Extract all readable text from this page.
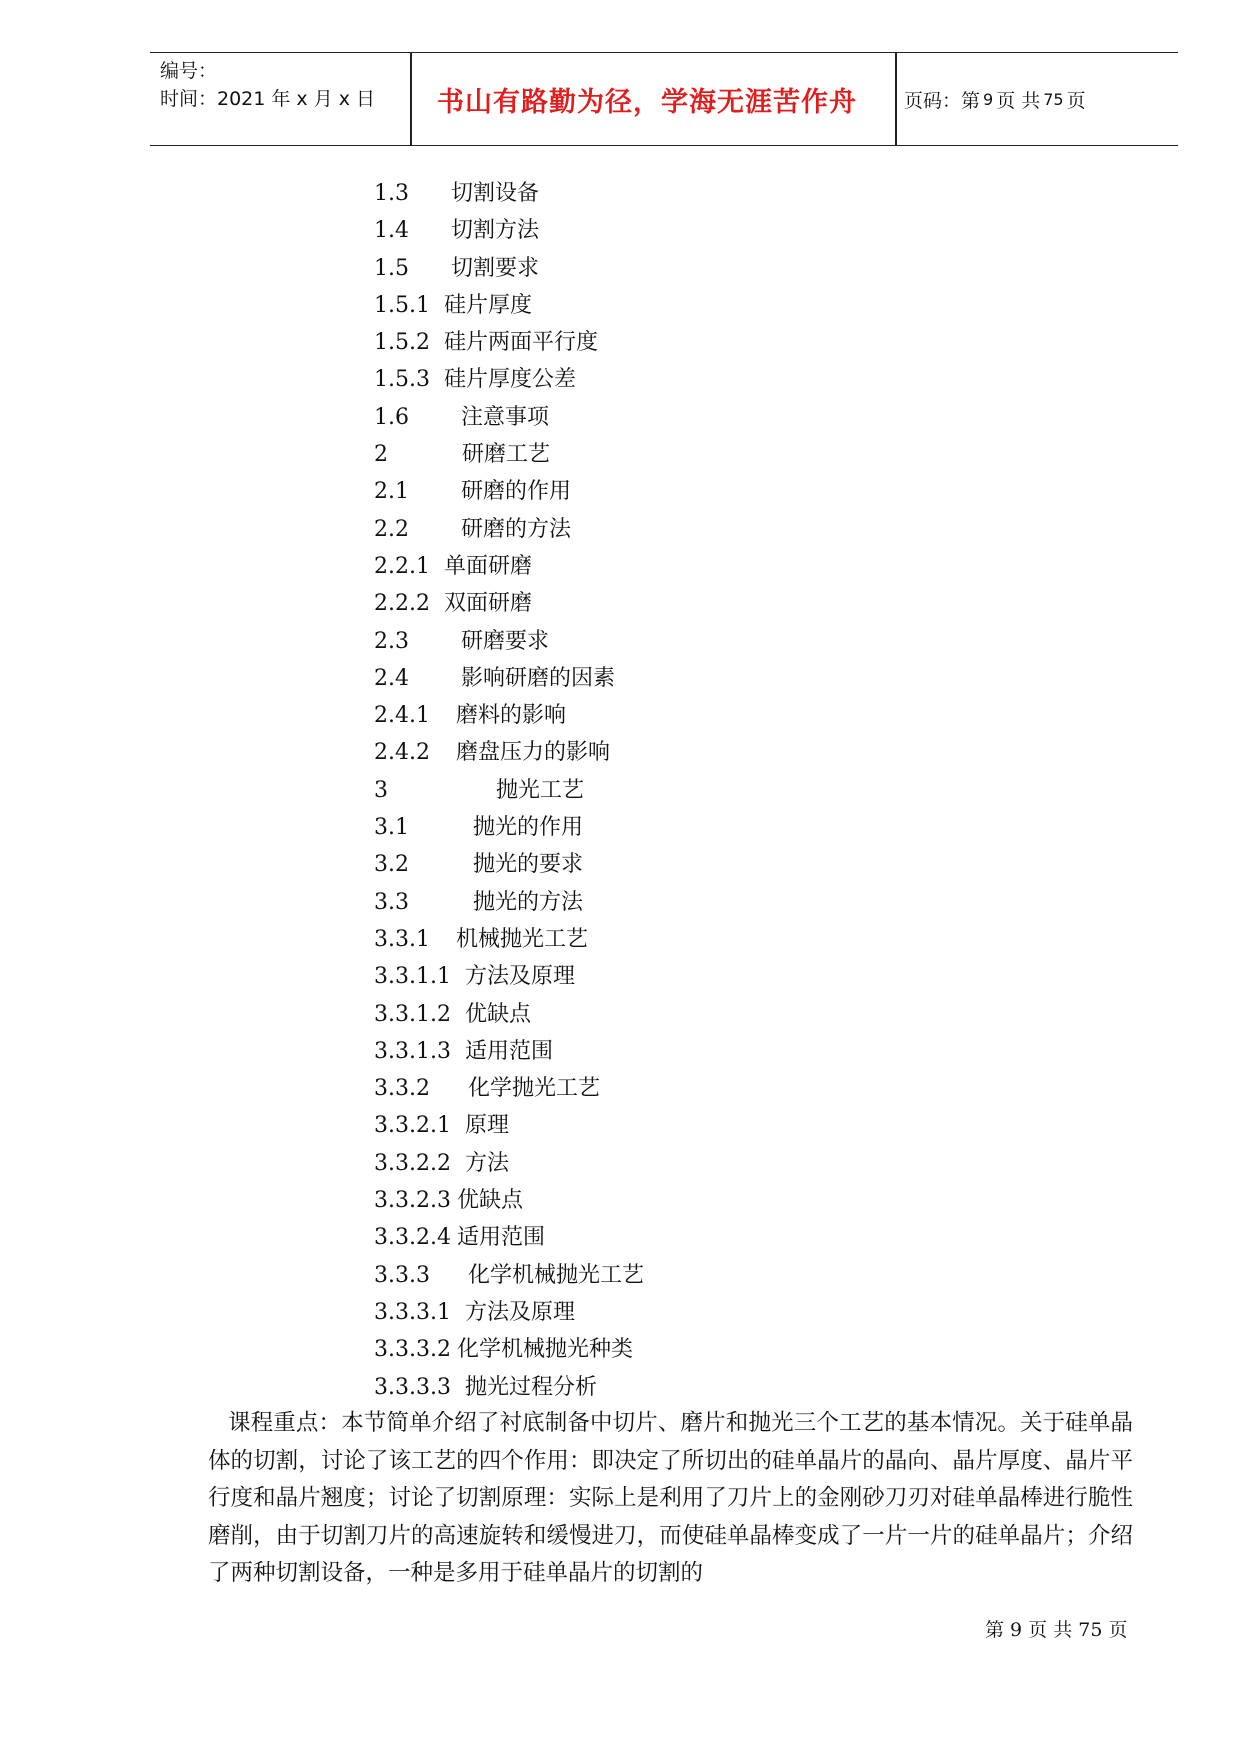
编号：
时间：2021 年 x 月 x 日	书山有路勤为径，学海无涯苦作舟	页码：第 9 页 共 75 页
1.3 切割设备
1.4 切割方法
1.5 切割要求
1.5.1 硅片厚度
1.5.2 硅片两面平行度
1.5.3 硅片厚度公差
1.6 注意事项
2	研磨工艺
2.1 研磨的作用
2.2 研磨的方法
2.2.1 单面研磨
2.2.2 双面研磨
2.3 研磨要求
2.4 影响研磨的因素
2.4.1 磨料的影响
2.4.2 磨盘压力的影响
3	抛光工艺
3.1	抛光的作用
3.2	抛光的要求
3.3	抛光的方法
3.3.1 机械抛光工艺
3.3.1.1 方法及原理
3.3.1.2 优缺点
3.3.1.3 适用范围
3.3.2 化学抛光工艺
3.3.2.1 原理
3.3.2.2 方法
3.3.2.3 优缺点
3.3.2.4 适用范围
3.3.3 化学机械抛光工艺
3.3.3.1 方法及原理
3.3.3.2 化学机械抛光种类
3.3.3.3 抛光过程分析
课程重点：本节简单介绍了衬底制备中切片、磨片和抛光三个工艺的基本情况。关于硅单晶体的切割，讨论了该工艺的四个作用：即决定了所切出的硅单晶片的晶向、晶片厚度、晶片平行度和晶片翘度；讨论了切割原理：实际上是利用了刀片上的金刚砂刀刃对硅单晶棒进行脆性磨削，由于切割刀片的高速旋转和缓慢进刀，而使硅单晶棒变成了一片一片的硅单晶片；介绍了两种切割设备，一种是多用于硅单晶片的切割的
第 9 页 共 75 页
